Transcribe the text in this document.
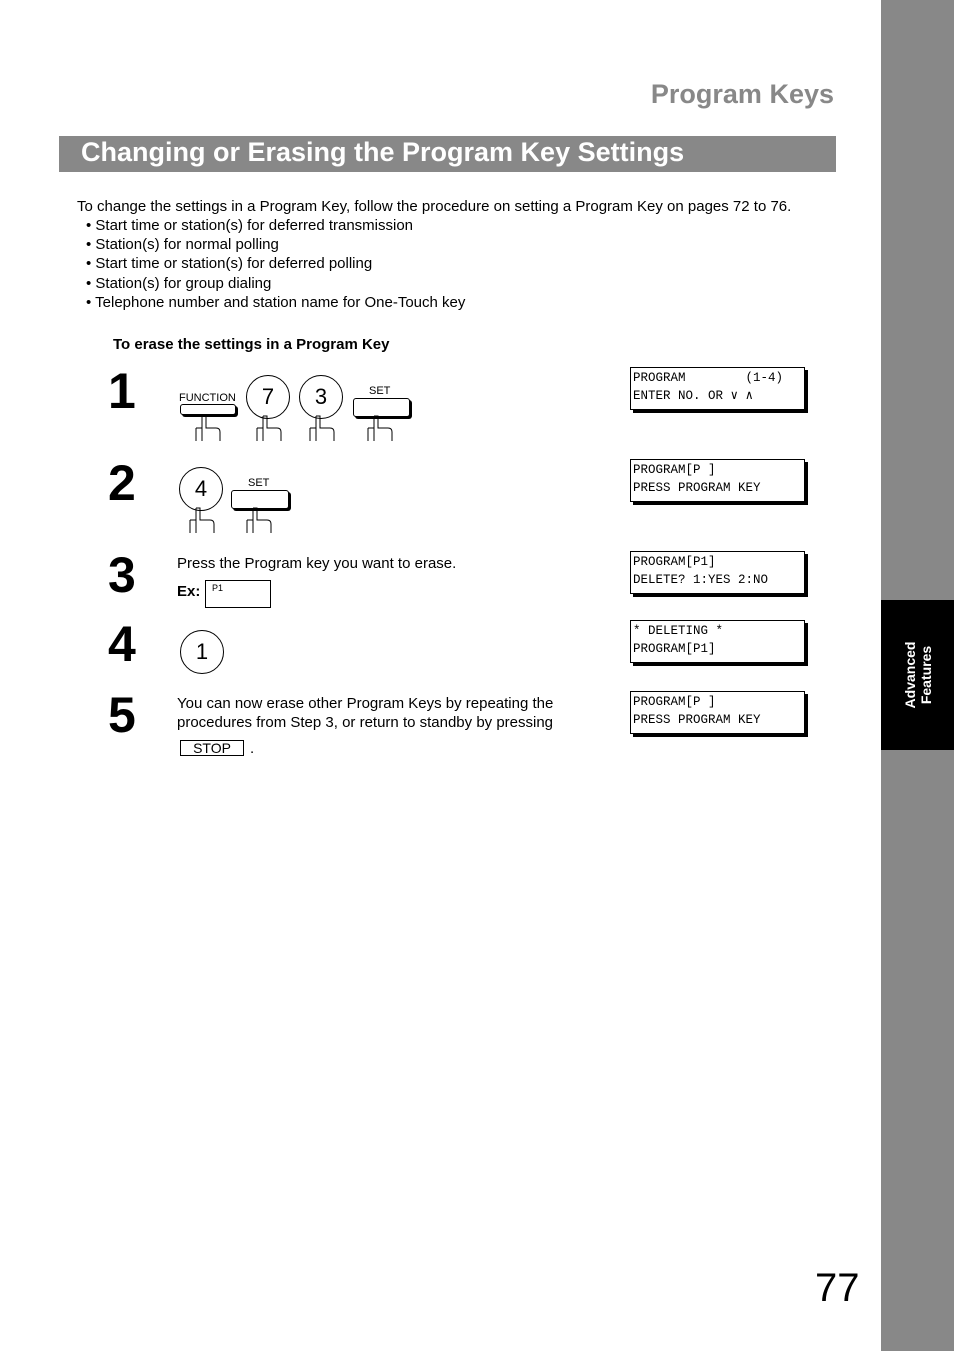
Advanced Features
Program Keys
Changing or Erasing the Program Key Settings
To change the settings in a Program Key, follow the procedure on setting a Program Key on pages 72 to 76.
• Start time or station(s) for deferred transmission
• Station(s) for normal polling
• Start time or station(s) for deferred polling
• Station(s) for group dialing
• Telephone number and station name for One-Touch key
To erase the settings in a Program Key
1	FUNCTION	7	3	SET
PROGRAM        (1-4)
ENTER NO. OR ∨ ∧
2	4	SET
PROGRAM[P ]
PRESS PROGRAM KEY
3	Press the Program key you want to erase.
Ex: P1
PROGRAM[P1]
DELETE? 1:YES 2:NO
4	1
* DELETING *
PROGRAM[P1]
5	You can now erase other Program Keys by repeating the
procedures from Step 3, or return to standby by pressing
STOP	.
PROGRAM[P ]
PRESS PROGRAM KEY
77
